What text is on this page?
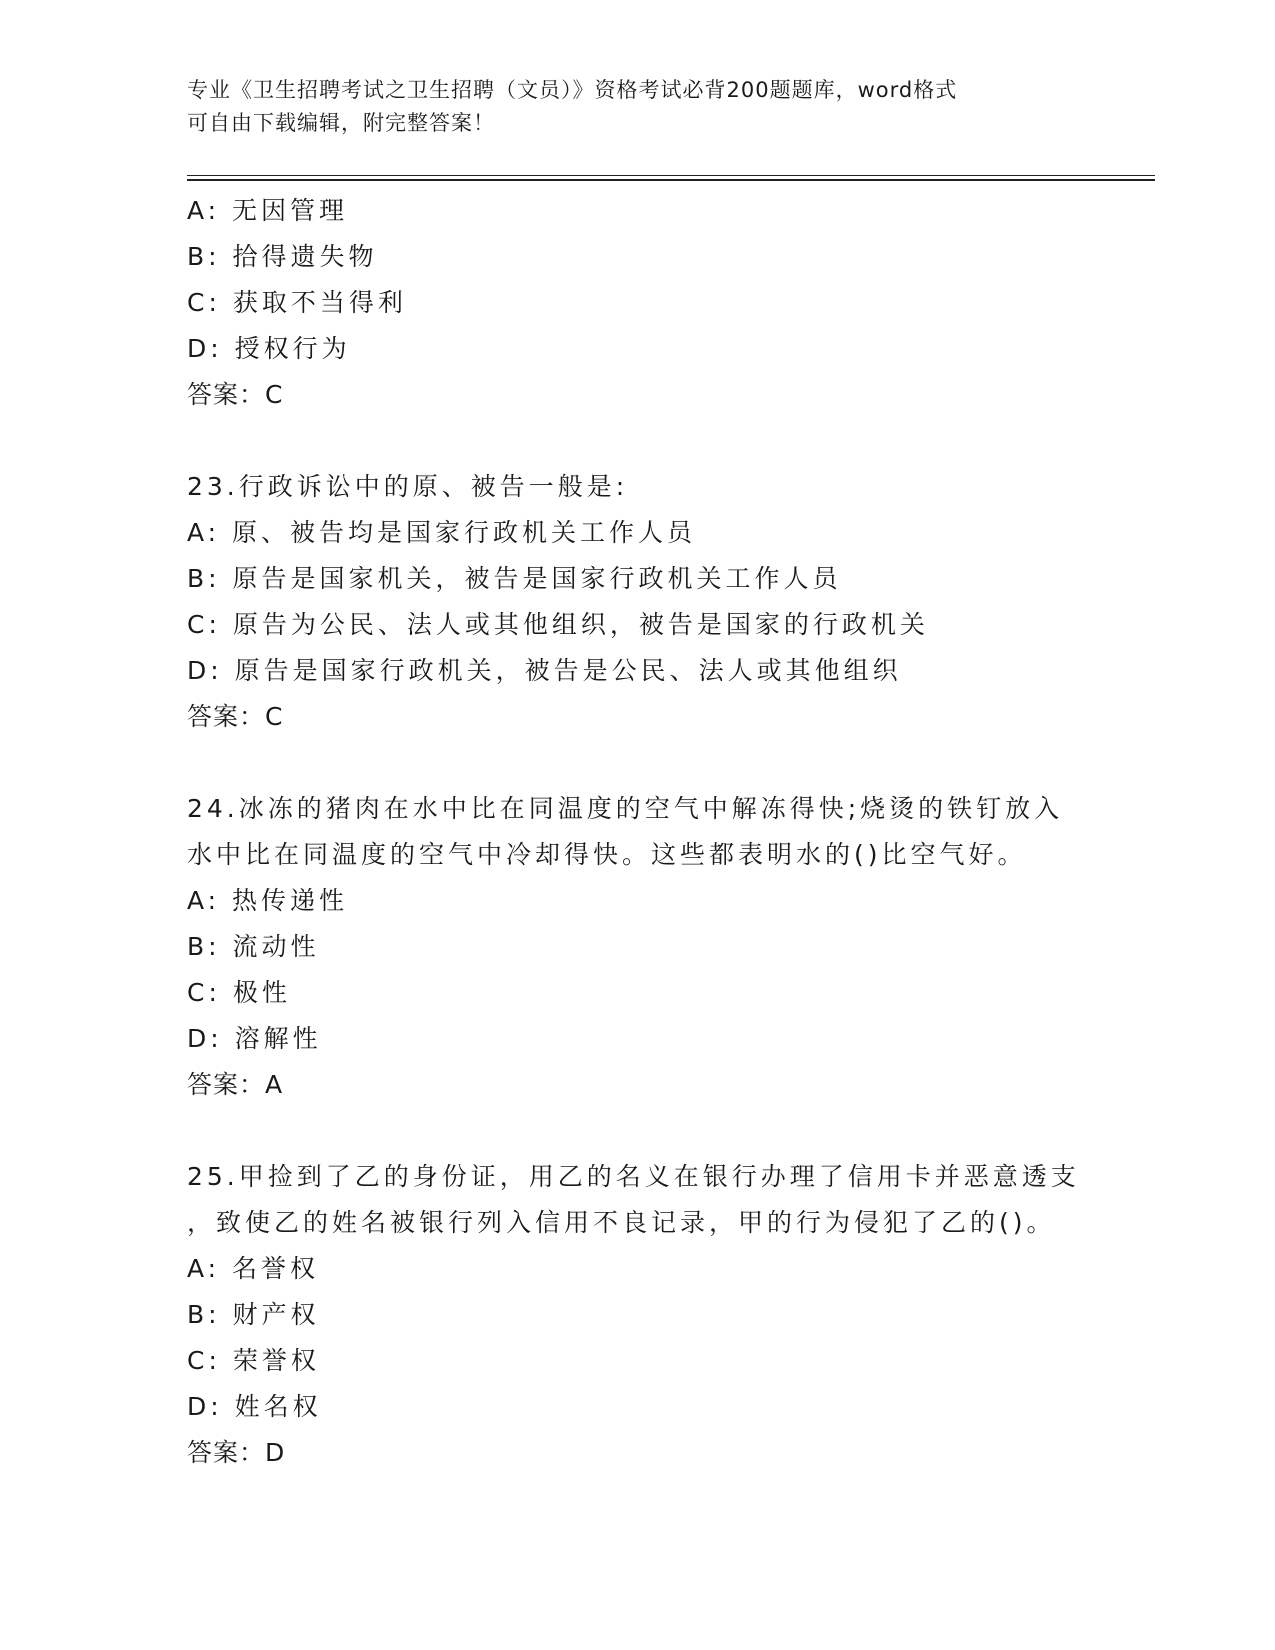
专业《卫生招聘考试之卫生招聘（文员）》资格考试必背200题题库，word格式
可自由下载编辑，附完整答案！
A: 无因管理
B: 拾得遗失物
C: 获取不当得利
D: 授权行为
答案：C
23.行政诉讼中的原、被告一般是:
A: 原、被告均是国家行政机关工作人员
B: 原告是国家机关，被告是国家行政机关工作人员
C: 原告为公民、法人或其他组织，被告是国家的行政机关
D: 原告是国家行政机关，被告是公民、法人或其他组织
答案：C
24.冰冻的猪肉在水中比在同温度的空气中解冻得快;烧烫的铁钉放入
水中比在同温度的空气中冷却得快。这些都表明水的()比空气好。
A: 热传递性
B: 流动性
C: 极性
D: 溶解性
答案：A
25.甲捡到了乙的身份证，用乙的名义在银行办理了信用卡并恶意透支
，致使乙的姓名被银行列入信用不良记录，甲的行为侵犯了乙的()。
A: 名誉权
B: 财产权
C: 荣誉权
D: 姓名权
答案：D
